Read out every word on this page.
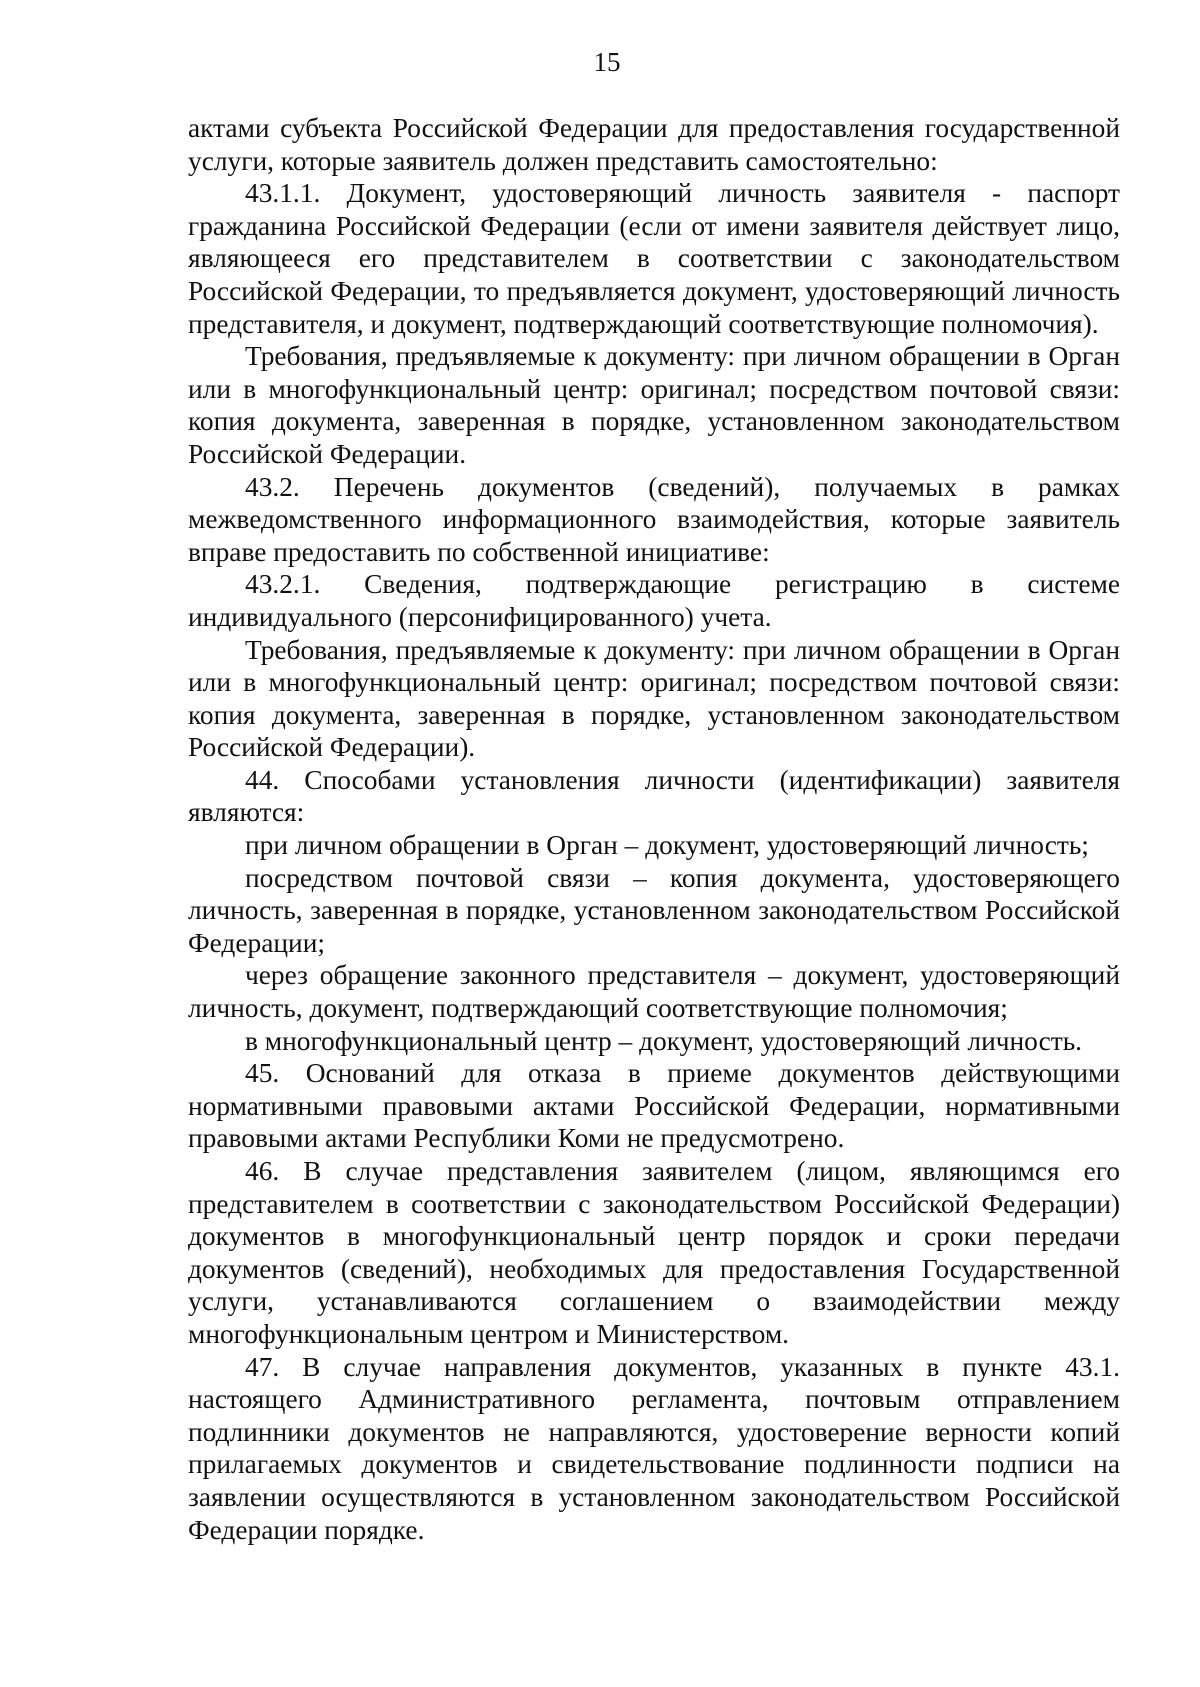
15

актами субъекта Российской Федерации для предоставления государственной услуги, которые заявитель должен представить самостоятельно:

43.1.1. Документ, удостоверяющий личность заявителя - паспорт гражданина Российской Федерации (если от имени заявителя действует лицо, являющееся его представителем в соответствии с законодательством Российской Федерации, то предъявляется документ, удостоверяющий личность представителя, и документ, подтверждающий соответствующие полномочия).

Требования, предъявляемые к документу: при личном обращении в Орган или в многофункциональный центр: оригинал; посредством почтовой связи: копия документа, заверенная в порядке, установленном законодательством Российской Федерации.

43.2. Перечень документов (сведений), получаемых в рамках межведомственного информационного взаимодействия, которые заявитель вправе предоставить по собственной инициативе:

43.2.1. Сведения, подтверждающие регистрацию в системе индивидуального (персонифицированного) учета.

Требования, предъявляемые к документу: при личном обращении в Орган или в многофункциональный центр: оригинал; посредством почтовой связи: копия документа, заверенная в порядке, установленном законодательством Российской Федерации).

44. Способами установления личности (идентификации) заявителя являются:

при личном обращении в Орган – документ, удостоверяющий личность;

посредством почтовой связи – копия документа, удостоверяющего личность, заверенная в порядке, установленном законодательством Российской Федерации;

через обращение законного представителя – документ, удостоверяющий личность, документ, подтверждающий соответствующие полномочия;

в многофункциональный центр – документ, удостоверяющий личность.

45. Оснований для отказа в приеме документов действующими нормативными правовыми актами Российской Федерации, нормативными правовыми актами Республики Коми не предусмотрено.

46. В случае представления заявителем (лицом, являющимся его представителем в соответствии с законодательством Российской Федерации) документов в многофункциональный центр порядок и сроки передачи документов (сведений), необходимых для предоставления Государственной услуги, устанавливаются соглашением о взаимодействии между многофункциональным центром и Министерством.

47. В случае направления документов, указанных в пункте 43.1. настоящего Административного регламента, почтовым отправлением подлинники документов не направляются, удостоверение верности копий прилагаемых документов и свидетельствование подлинности подписи на заявлении осуществляются в установленном законодательством Российской Федерации порядке.
